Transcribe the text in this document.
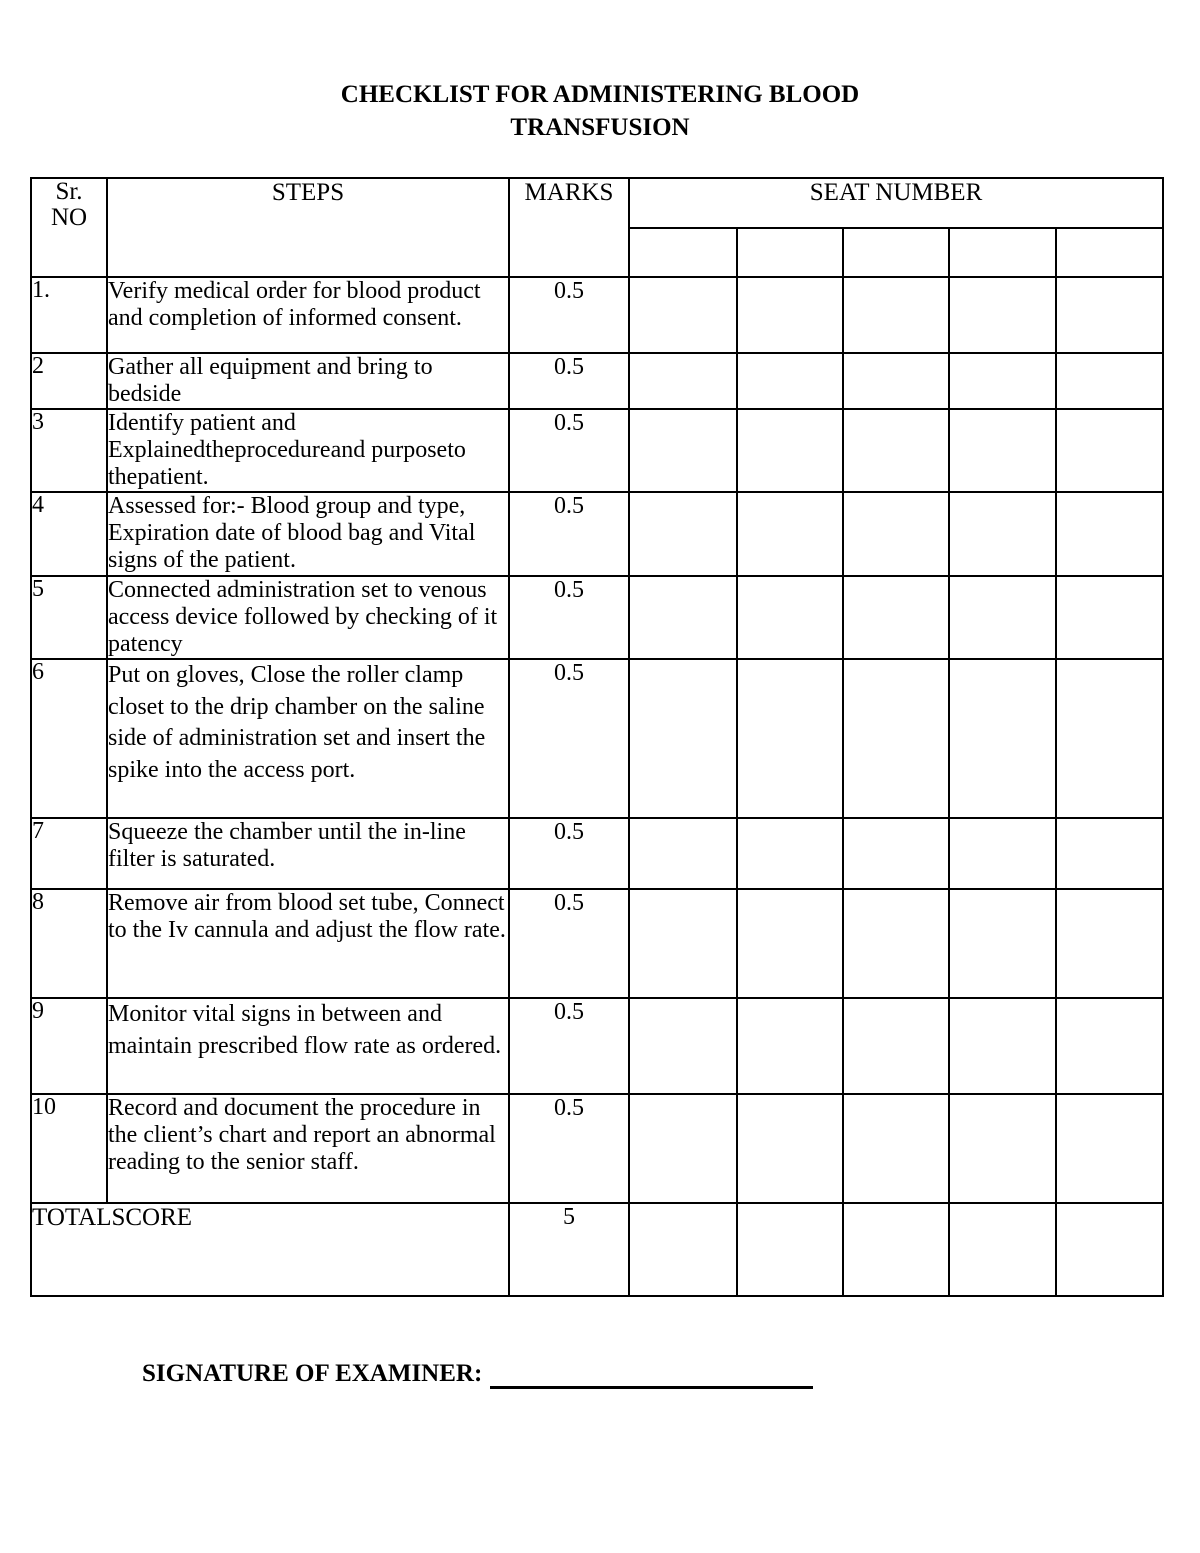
CHECKLIST FOR ADMINISTERING BLOOD
TRANSFUSION
Sr.
NO	STEPS	MARKS	SEAT NUMBER				

1.	Verify medical order for blood product and completion of informed consent.	0.5					
2	Gather all equipment and bring to bedside	0.5					
3	Identify patient and Explainedtheprocedureand purposeto thepatient.	0.5					
4	Assessed for:- Blood group and type, Expiration date of blood bag and Vital signs of the patient.	0.5					
5	Connected administration set to venous access device followed by checking of it patency	0.5					
6	Put on gloves, Close the roller clamp closet to the drip chamber on the saline side of administration set and insert the spike into the access port.	0.5					
7	Squeeze the chamber until the in-line filter is saturated.	0.5					
8	Remove air from blood set tube, Connect to the Iv cannula and adjust the flow rate.	0.5					
9	Monitor vital signs in between and maintain prescribed flow rate as ordered.	0.5					
10	Record and document the procedure in the client’s chart and report an abnormal reading to the senior staff.	0.5					
TOTALSCORE		5					
SIGNATURE OF EXAMINER:
